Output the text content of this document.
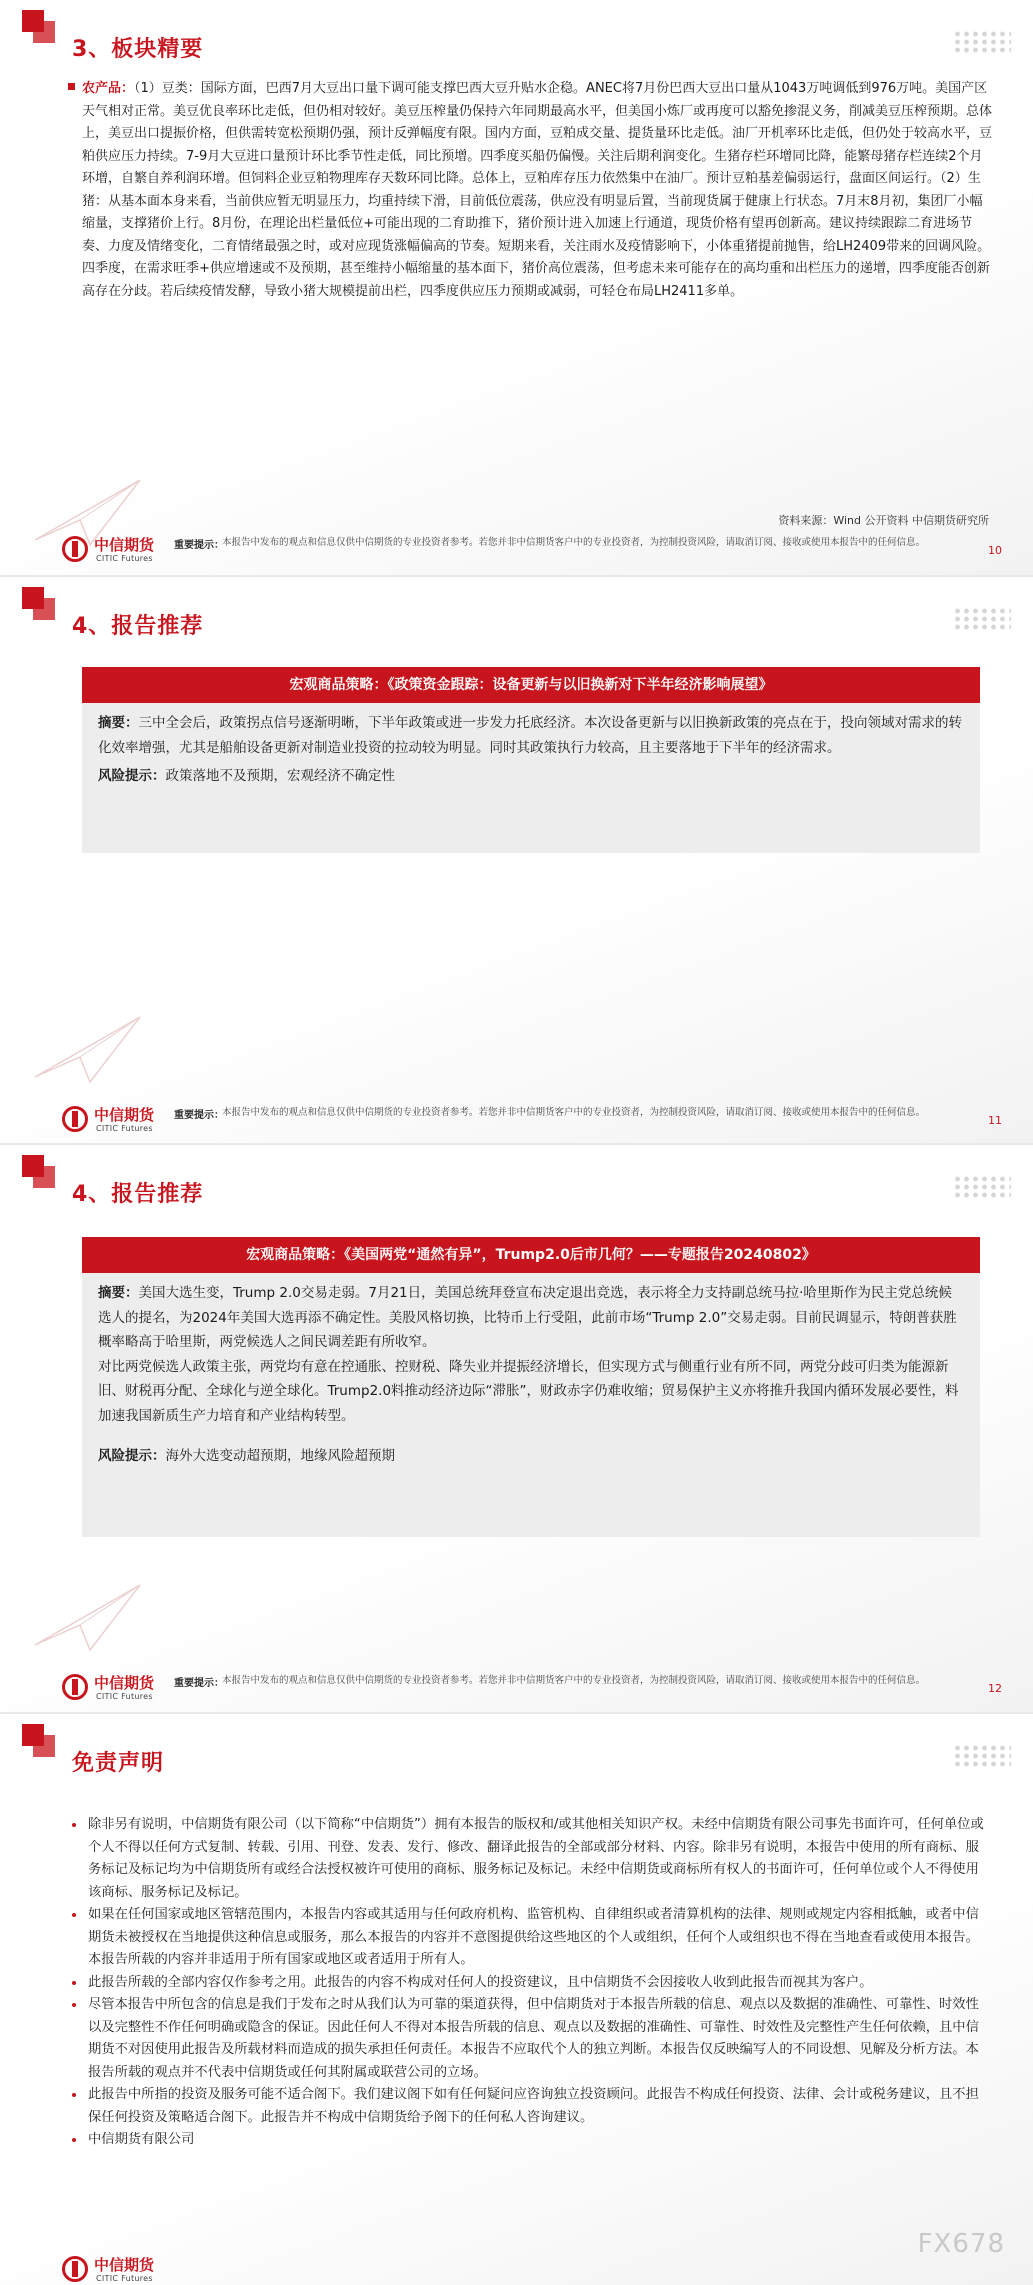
3、板块精要
农产品：（1）豆类：国际方面，巴西7月大豆出口量下调可能支撑巴西大豆升贴水企稳。ANEC将7月份巴西大豆出口量从1043万吨调低到976万吨。美国产区天气相对正常。美豆优良率环比走低，但仍相对较好。美豆压榨量仍保持六年同期最高水平，但美国小炼厂或再度可以豁免掺混义务，削减美豆压榨预期。总体上，美豆出口提振价格，但供需转宽松预期仍强，预计反弹幅度有限。国内方面，豆粕成交量、提货量环比走低。油厂开机率环比走低，但仍处于较高水平，豆粕供应压力持续。7-9月大豆进口量预计环比季节性走低，同比预增。四季度买船仍偏慢。关注后期利润变化。生猪存栏环增同比降，能繁母猪存栏连续2个月环增，自繁自养利润环增。但饲料企业豆粕物理库存天数环同比降。总体上，豆粕库存压力依然集中在油厂。预计豆粕基差偏弱运行，盘面区间运行。（2）生猪：从基本面本身来看，当前供应暂无明显压力，均重持续下滑，目前低位震荡，供应没有明显后置，当前现货属于健康上行状态。7月末8月初，集团厂小幅缩量，支撑猪价上行。8月份，在理论出栏量低位+可能出现的二育助推下，猪价预计进入加速上行通道，现货价格有望再创新高。建议持续跟踪二育进场节奏、力度及情绪变化，二育情绪最强之时，或对应现货涨幅偏高的节奏。短期来看，关注雨水及疫情影响下，小体重猪提前抛售，给LH2409带来的回调风险。四季度，在需求旺季+供应增速或不及预期，甚至维持小幅缩量的基本面下，猪价高位震荡，但考虑未来可能存在的高均重和出栏压力的递增，四季度能否创新高存在分歧。若后续疫情发酵，导致小猪大规模提前出栏，四季度供应压力预期或减弱，可轻仓布局LH2411多单。
资料来源：Wind 公开资料 中信期货研究所
中信期货
CITIC Futures
重要提示：
本报告中发布的观点和信息仅供中信期货的专业投资者参考。若您并非中信期货客户中的专业投资者，为控制投资风险，请取消订阅、接收或使用本报告中的任何信息。
10
4、报告推荐
宏观商品策略：《政策资金跟踪：设备更新与以旧换新对下半年经济影响展望》

摘要：三中全会后，政策拐点信号逐渐明晰，下半年政策或进一步发力托底经济。本次设备更新与以旧换新政策的亮点在于，投向领域对需求的转化效率增强，尤其是船舶设备更新对制造业投资的拉动较为明显。同时其政策执行力较高，且主要落地于下半年的经济需求。

风险提示：政策落地不及预期，宏观经济不确定性

中信期货
CITIC Futures
重要提示：
本报告中发布的观点和信息仅供中信期货的专业投资者参考。若您并非中信期货客户中的专业投资者，为控制投资风险，请取消订阅、接收或使用本报告中的任何信息。
11
4、报告推荐
宏观商品策略：《美国两党“通然有异”，Trump2.0后市几何？——专题报告20240802》

摘要：美国大选生变，Trump 2.0交易走弱。7月21日，美国总统拜登宣布决定退出竞选，表示将全力支持副总统马拉·哈里斯作为民主党总统候选人的提名，为2024年美国大选再添不确定性。美股风格切换，比特币上行受阻，此前市场“Trump 2.0”交易走弱。目前民调显示，特朗普获胜概率略高于哈里斯，两党候选人之间民调差距有所收窄。

对比两党候选人政策主张，两党均有意在控通胀、控财税、降失业并提振经济增长，但实现方式与侧重行业有所不同，两党分歧可归类为能源新旧、财税再分配、全球化与逆全球化。Trump2.0料推动经济边际“滞胀”，财政赤字仍难收缩；贸易保护主义亦将推升我国内循环发展必要性，料加速我国新质生产力培育和产业结构转型。

风险提示：海外大选变动超预期，地缘风险超预期

中信期货
CITIC Futures
重要提示：
本报告中发布的观点和信息仅供中信期货的专业投资者参考。若您并非中信期货客户中的专业投资者，为控制投资风险，请取消订阅、接收或使用本报告中的任何信息。
12
免责声明
除非另有说明，中信期货有限公司（以下简称“中信期货”）拥有本报告的版权和/或其他相关知识产权。未经中信期货有限公司事先书面许可，任何单位或个人不得以任何方式复制、转载、引用、刊登、发表、发行、修改、翻译此报告的全部或部分材料、内容。除非另有说明，本报告中使用的所有商标、服务标记及标记均为中信期货所有或经合法授权被许可使用的商标、服务标记及标记。未经中信期货或商标所有权人的书面许可，任何单位或个人不得使用该商标、服务标记及标记。
如果在任何国家或地区管辖范围内，本报告内容或其适用与任何政府机构、监管机构、自律组织或者清算机构的法律、规则或规定内容相抵触，或者中信期货未被授权在当地提供这种信息或服务，那么本报告的内容并不意图提供给这些地区的个人或组织，任何个人或组织也不得在当地查看或使用本报告。本报告所载的内容并非适用于所有国家或地区或者适用于所有人。
此报告所载的全部内容仅作参考之用。此报告的内容不构成对任何人的投资建议，且中信期货不会因接收人收到此报告而视其为客户。
尽管本报告中所包含的信息是我们于发布之时从我们认为可靠的渠道获得，但中信期货对于本报告所载的信息、观点以及数据的准确性、可靠性、时效性以及完整性不作任何明确或隐含的保证。因此任何人不得对本报告所载的信息、观点以及数据的准确性、可靠性、时效性及完整性产生任何依赖，且中信期货不对因使用此报告及所载材料而造成的损失承担任何责任。本报告不应取代个人的独立判断。本报告仅反映编写人的不同设想、见解及分析方法。本报告所载的观点并不代表中信期货或任何其附属或联营公司的立场。
此报告中所指的投资及服务可能不适合阁下。我们建议阁下如有任何疑问应咨询独立投资顾问。此报告不构成任何投资、法律、会计或税务建议，且不担保任何投资及策略适合阁下。此报告并不构成中信期货给予阁下的任何私人咨询建议。
中信期货有限公司
中信期货
CITIC Futures
FX678
